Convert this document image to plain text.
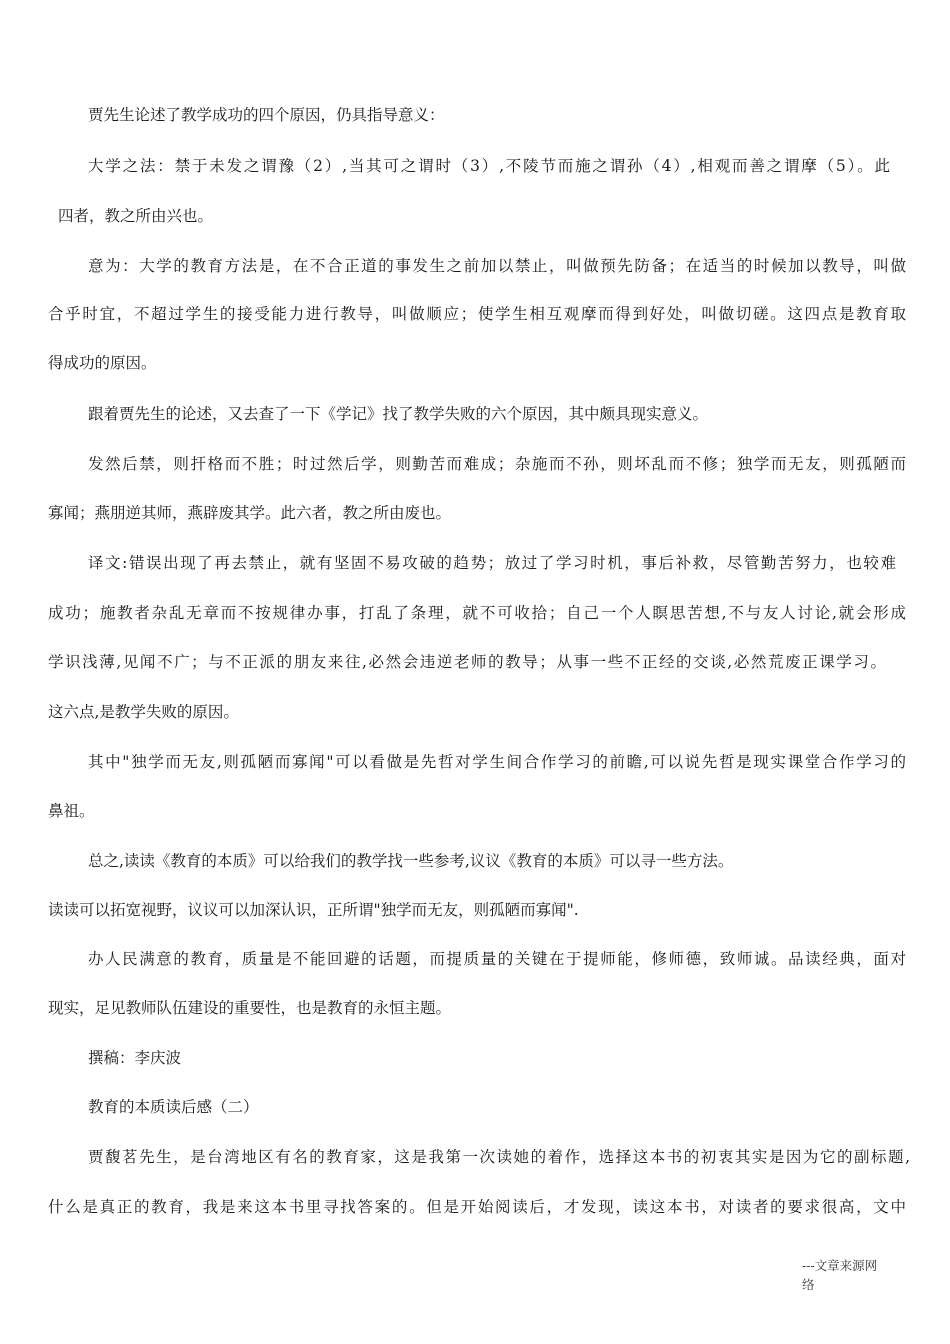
贾先生论述了教学成功的四个原因，仍具指导意义：

大学之法：禁于未发之谓豫（2）,当其可之谓时（3）,不陵节而施之谓孙（4）,相观而善之谓摩（5）。此

四者，教之所由兴也。

意为：大学的教育方法是，在不合正道的事发生之前加以禁止，叫做预先防备；在适当的时候加以教导，叫做

合乎时宜，不超过学生的接受能力进行教导，叫做顺应；使学生相互观摩而得到好处，叫做切磋。这四点是教育取

得成功的原因。

跟着贾先生的论述，又去查了一下《学记》找了教学失败的六个原因，其中颇具现实意义。

发然后禁，则扞格而不胜；时过然后学，则勤苦而难成；杂施而不孙，则坏乱而不修；独学而无友，则孤陋而

寡闻；燕朋逆其师，燕辟废其学。此六者，教之所由废也。

译文:错误出现了再去禁止，就有坚固不易攻破的趋势；放过了学习时机，事后补救，尽管勤苦努力，也较难

成功；施教者杂乱无章而不按规律办事，打乱了条理，就不可收拾；自己一个人瞑思苦想,不与友人讨论,就会形成

学识浅薄,见闻不广；与不正派的朋友来往,必然会违逆老师的教导；从事一些不正经的交谈,必然荒废正课学习。

这六点,是教学失败的原因。

其中"独学而无友,则孤陋而寡闻"可以看做是先哲对学生间合作学习的前瞻,可以说先哲是现实课堂合作学习的

鼻祖。

总之,读读《教育的本质》可以给我们的教学找一些参考,议议《教育的本质》可以寻一些方法。

读读可以拓宽视野，议议可以加深认识，正所谓"独学而无友，则孤陋而寡闻".

办人民满意的教育，质量是不能回避的话题，而提质量的关键在于提师能，修师德，致师诚。品读经典，面对

现实，足见教师队伍建设的重要性，也是教育的永恒主题。

撰稿：李庆波

教育的本质读后感（二）

贾馥茗先生，是台湾地区有名的教育家，这是我第一次读她的着作，选择这本书的初衷其实是因为它的副标题,

什么是真正的教育，我是来这本书里寻找答案的。但是开始阅读后，才发现，读这本书，对读者的要求很高，文中

---文章来源网
络
